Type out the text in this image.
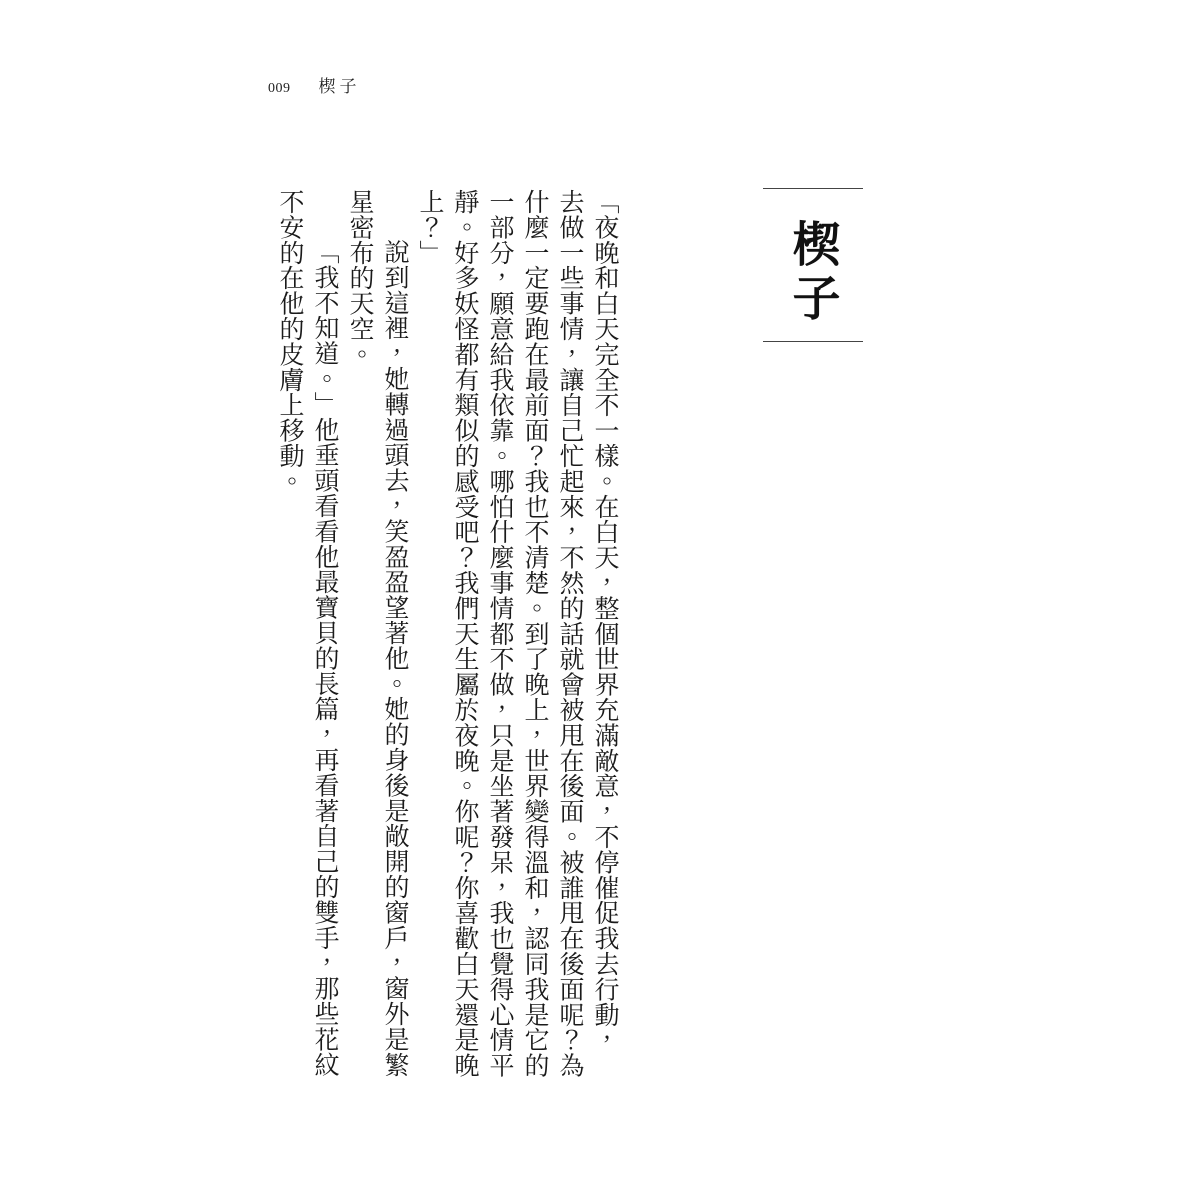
009 楔子
楔子
「夜晚和白天完全不一樣。在白天，整個世界充滿敵意，不停催促我去行動，
去做一些事情，讓自己忙起來，不然的話就會被甩在後面。被誰甩在後面呢？為
什麼一定要跑在最前面？我也不清楚。到了晚上，世界變得溫和，認同我是它的
一部分，願意給我依靠。哪怕什麼事情都不做，只是坐著發呆，我也覺得心情平
靜。好多妖怪都有類似的感受吧？我們天生屬於夜晚。你呢？你喜歡白天還是晚
上？」
說到這裡，她轉過頭去，笑盈盈望著他。她的身後是敞開的窗戶，窗外是繁
星密布的天空。
「我不知道。」他垂頭看看他最寶貝的長篇，再看著自己的雙手，那些花紋
不安的在他的皮膚上移動。
